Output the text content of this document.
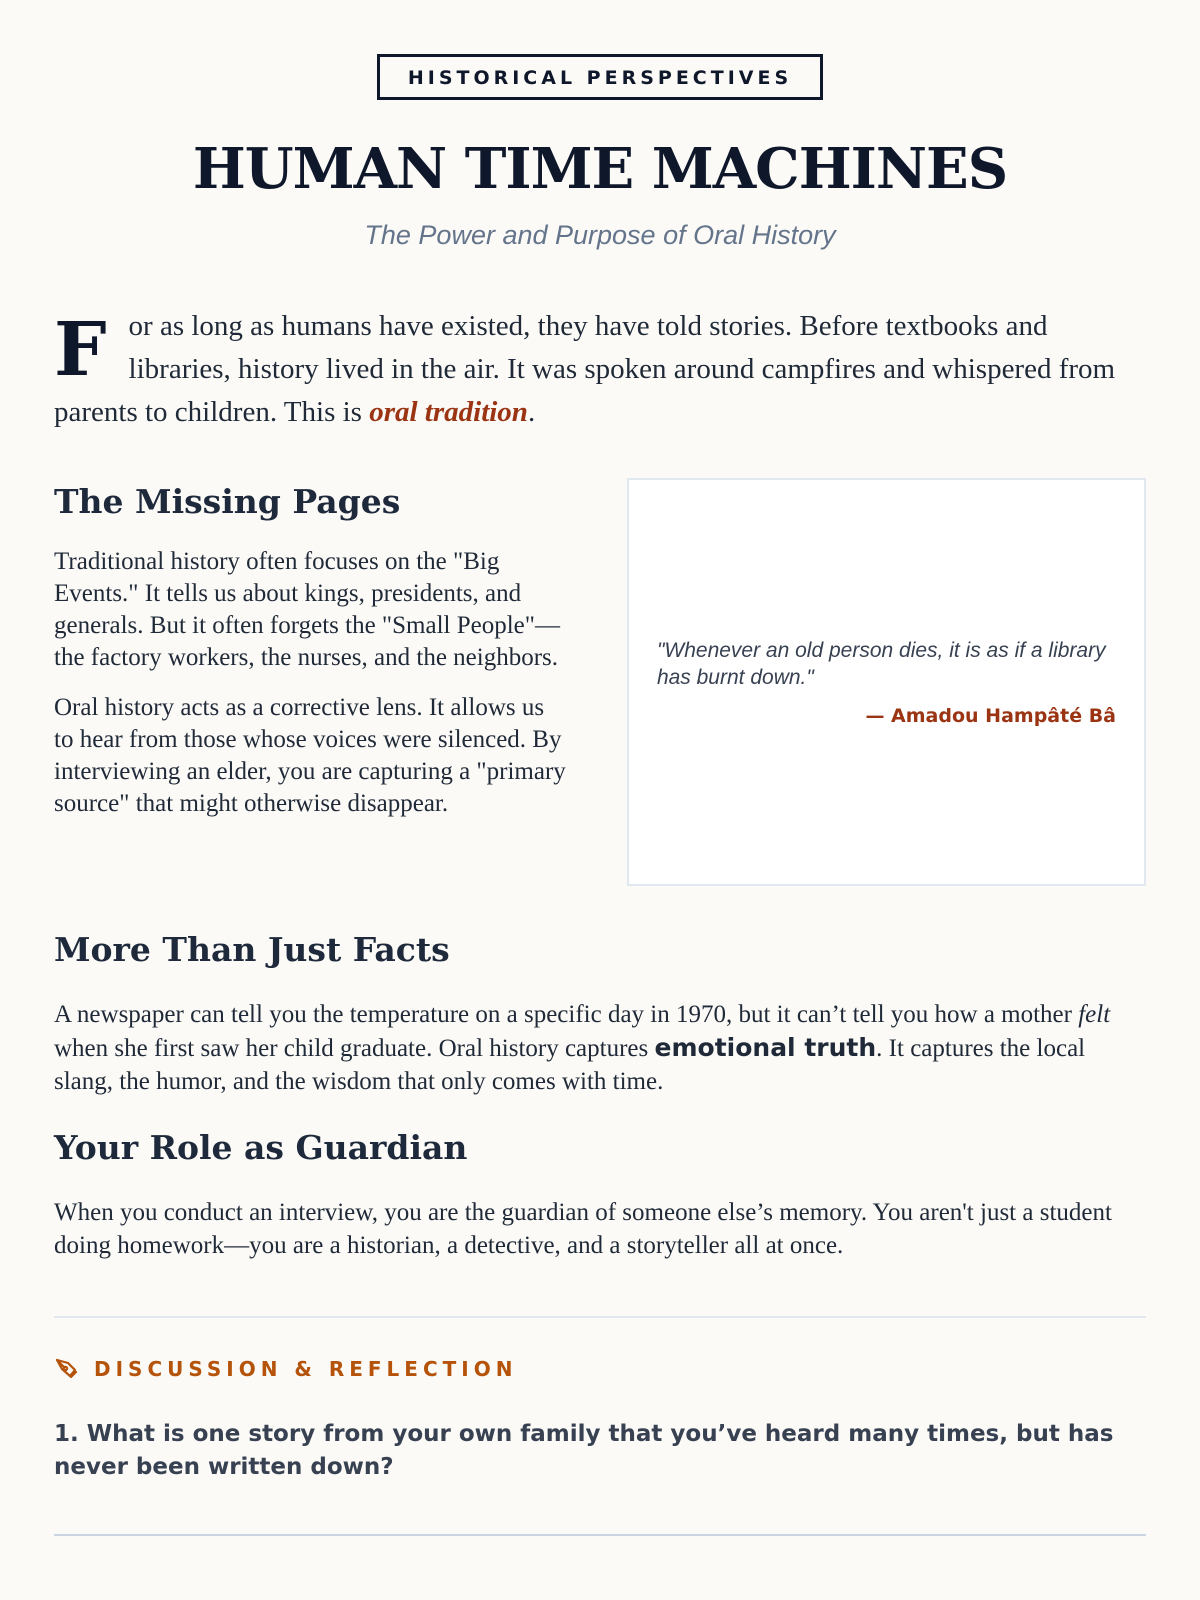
HISTORICAL PERSPECTIVES
HUMAN TIME MACHINES
The Power and Purpose of Oral History

For as long as humans have existed, they have told stories. Before textbooks and libraries, history lived in the air. It was spoken around campfires and whispered from parents to children. This is oral tradition.

The Missing Pages

Traditional history often focuses on the "Big Events." It tells us about kings, presidents, and generals. But it often forgets the "Small People"—the factory workers, the nurses, and the neighbors.

Oral history acts as a corrective lens. It allows us to hear from those whose voices were silenced. By interviewing an elder, you are capturing a "primary source" that might otherwise disappear.

"Whenever an old person dies, it is as if a library has burnt down."
— Amadou Hampâté Bâ
More Than Just Facts

A newspaper can tell you the temperature on a specific day in 1970, but it can’t tell you how a mother felt when she first saw her child graduate. Oral history captures emotional truth. It captures the local slang, the humor, and the wisdom that only comes with time.

Your Role as Guardian

When you conduct an interview, you are the guardian of someone else’s memory. You aren't just a student doing homework—you are a historian, a detective, and a storyteller all at once.

DISCUSSION & REFLECTION
1. What is one story from your own family that you’ve heard many times, but has never been written down?
